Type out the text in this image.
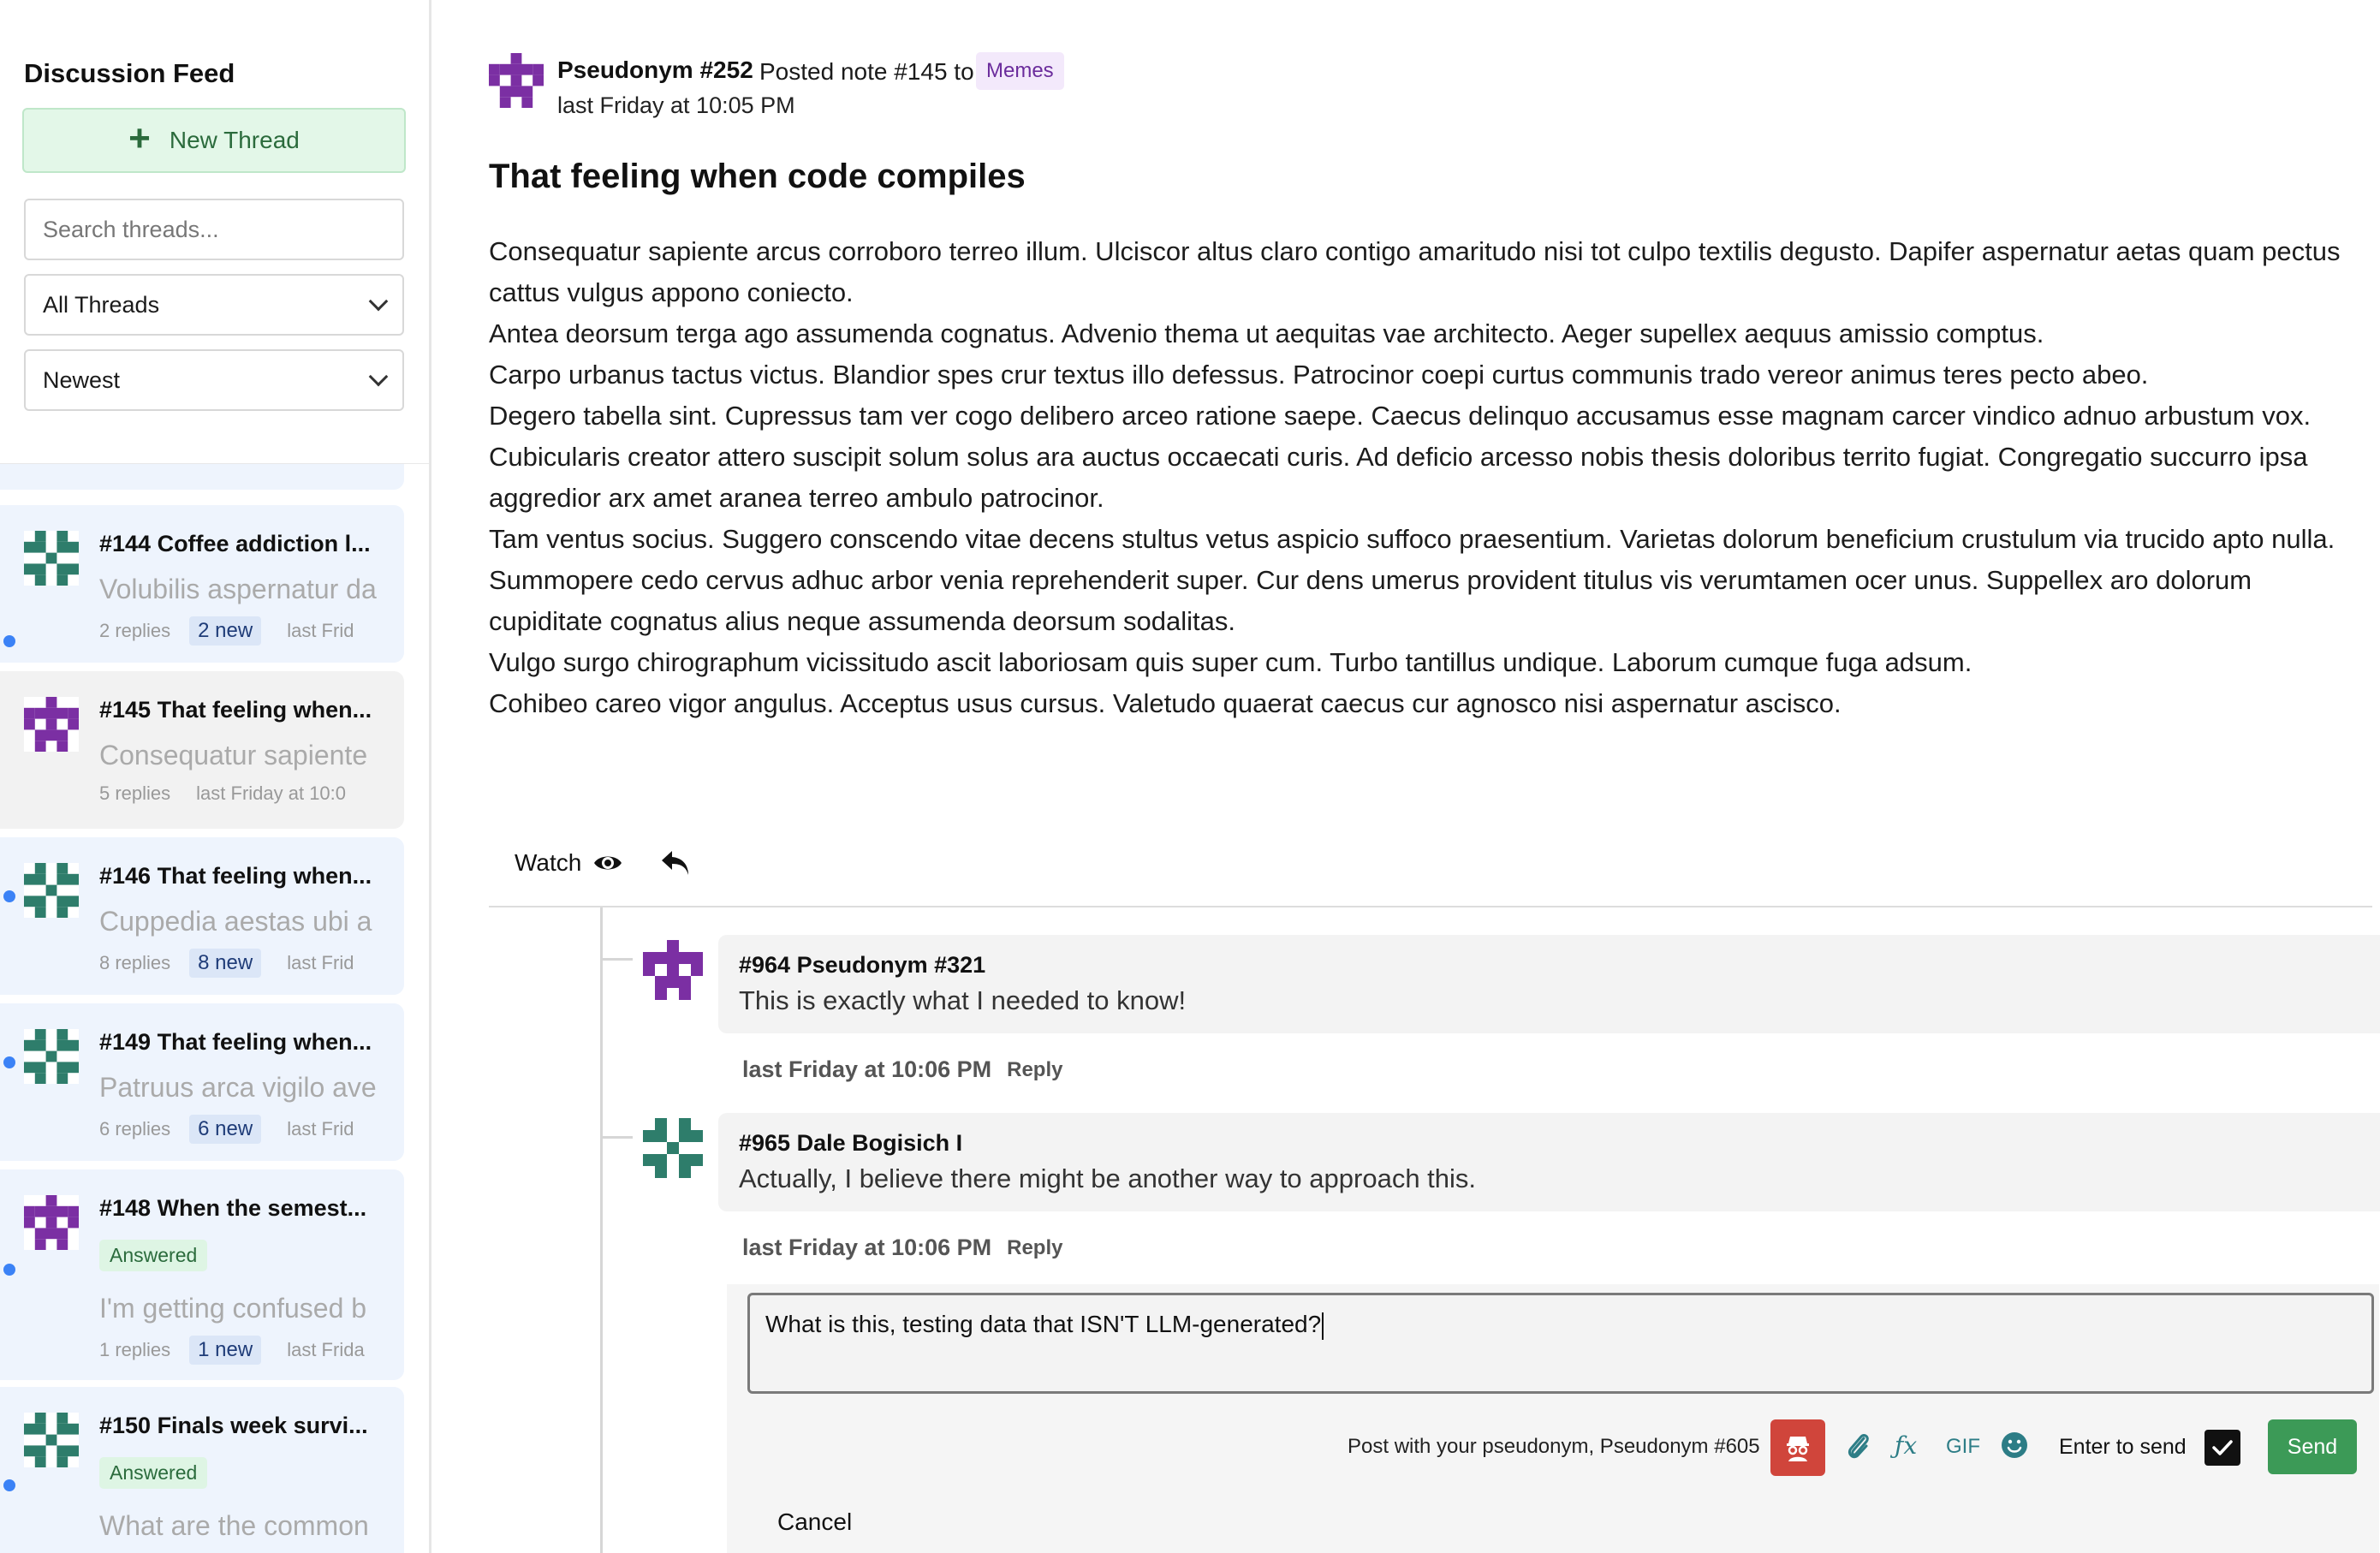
#144 Coffee addiction l...
Volubilis aspernatur da
2 replies	2 new	last Frid
#145 That feeling when...
Consequatur sapiente
5 replies last Friday at 10:0
#146 That feeling when...
Cuppedia aestas ubi a
8 replies	8 new	last Frid
#149 That feeling when...
Patruus arca vigilo ave
6 replies	6 new	last Frid
#148 When the semest...
Answered
I'm getting confused b
1 replies	1 new	last Frida
#150 Finals week survi...
Answered
What are the common
Discussion Feed
+ New Thread
Search threads...
All Threads
Newest
Pseudonym #252 Posted note #145 to Memes
last Friday at 10:05 PM
That feeling when code compiles

Consequatur sapiente arcus corroboro terreo illum. Ulciscor altus claro contigo amaritudo nisi tot culpo textilis degusto. Dapifer aspernatur aetas quam pectus cattus vulgus appono coniecto.

Antea deorsum terga ago assumenda cognatus. Advenio thema ut aequitas vae architecto. Aeger supellex aequus amissio comptus.

Carpo urbanus tactus victus. Blandior spes crur textus illo defessus. Patrocinor coepi curtus communis trado vereor animus teres pecto abeo.

Degero tabella sint. Cupressus tam ver cogo delibero arceo ratione saepe. Caecus delinquo accusamus esse magnam carcer vindico adnuo arbustum vox.

Cubicularis creator attero suscipit solum solus ara auctus occaecati curis. Ad deficio arcesso nobis thesis doloribus territo fugiat. Congregatio succurro ipsa aggredior arx amet aranea terreo ambulo patrocinor.

Tam ventus socius. Suggero conscendo vitae decens stultus vetus aspicio suffoco praesentium. Varietas dolorum beneficium crustulum via trucido apto nulla.

Summopere cedo cervus adhuc arbor venia reprehenderit super. Cur dens umerus provident titulus vis verumtamen ocer unus. Suppellex aro dolorum cupiditate cognatus alius neque assumenda deorsum sodalitas.

Vulgo surgo chirographum vicissitudo ascit laboriosam quis super cum. Turbo tantillus undique. Laborum cumque fuga adsum.

Cohibeo careo vigor angulus. Acceptus usus cursus. Valetudo quaerat caecus cur agnosco nisi aspernatur ascisco.

Watch
#964 Pseudonym #321
This is exactly what I needed to know!
last Friday at 10:06 PM Reply
#965 Dale Bogisich I
Actually, I believe there might be another way to approach this.
last Friday at 10:06 PM Reply
What is this, testing data that ISN'T LLM-generated?
Post with your pseudonym, Pseudonym #605	ƒx GIF	Enter to send	Send
Cancel
